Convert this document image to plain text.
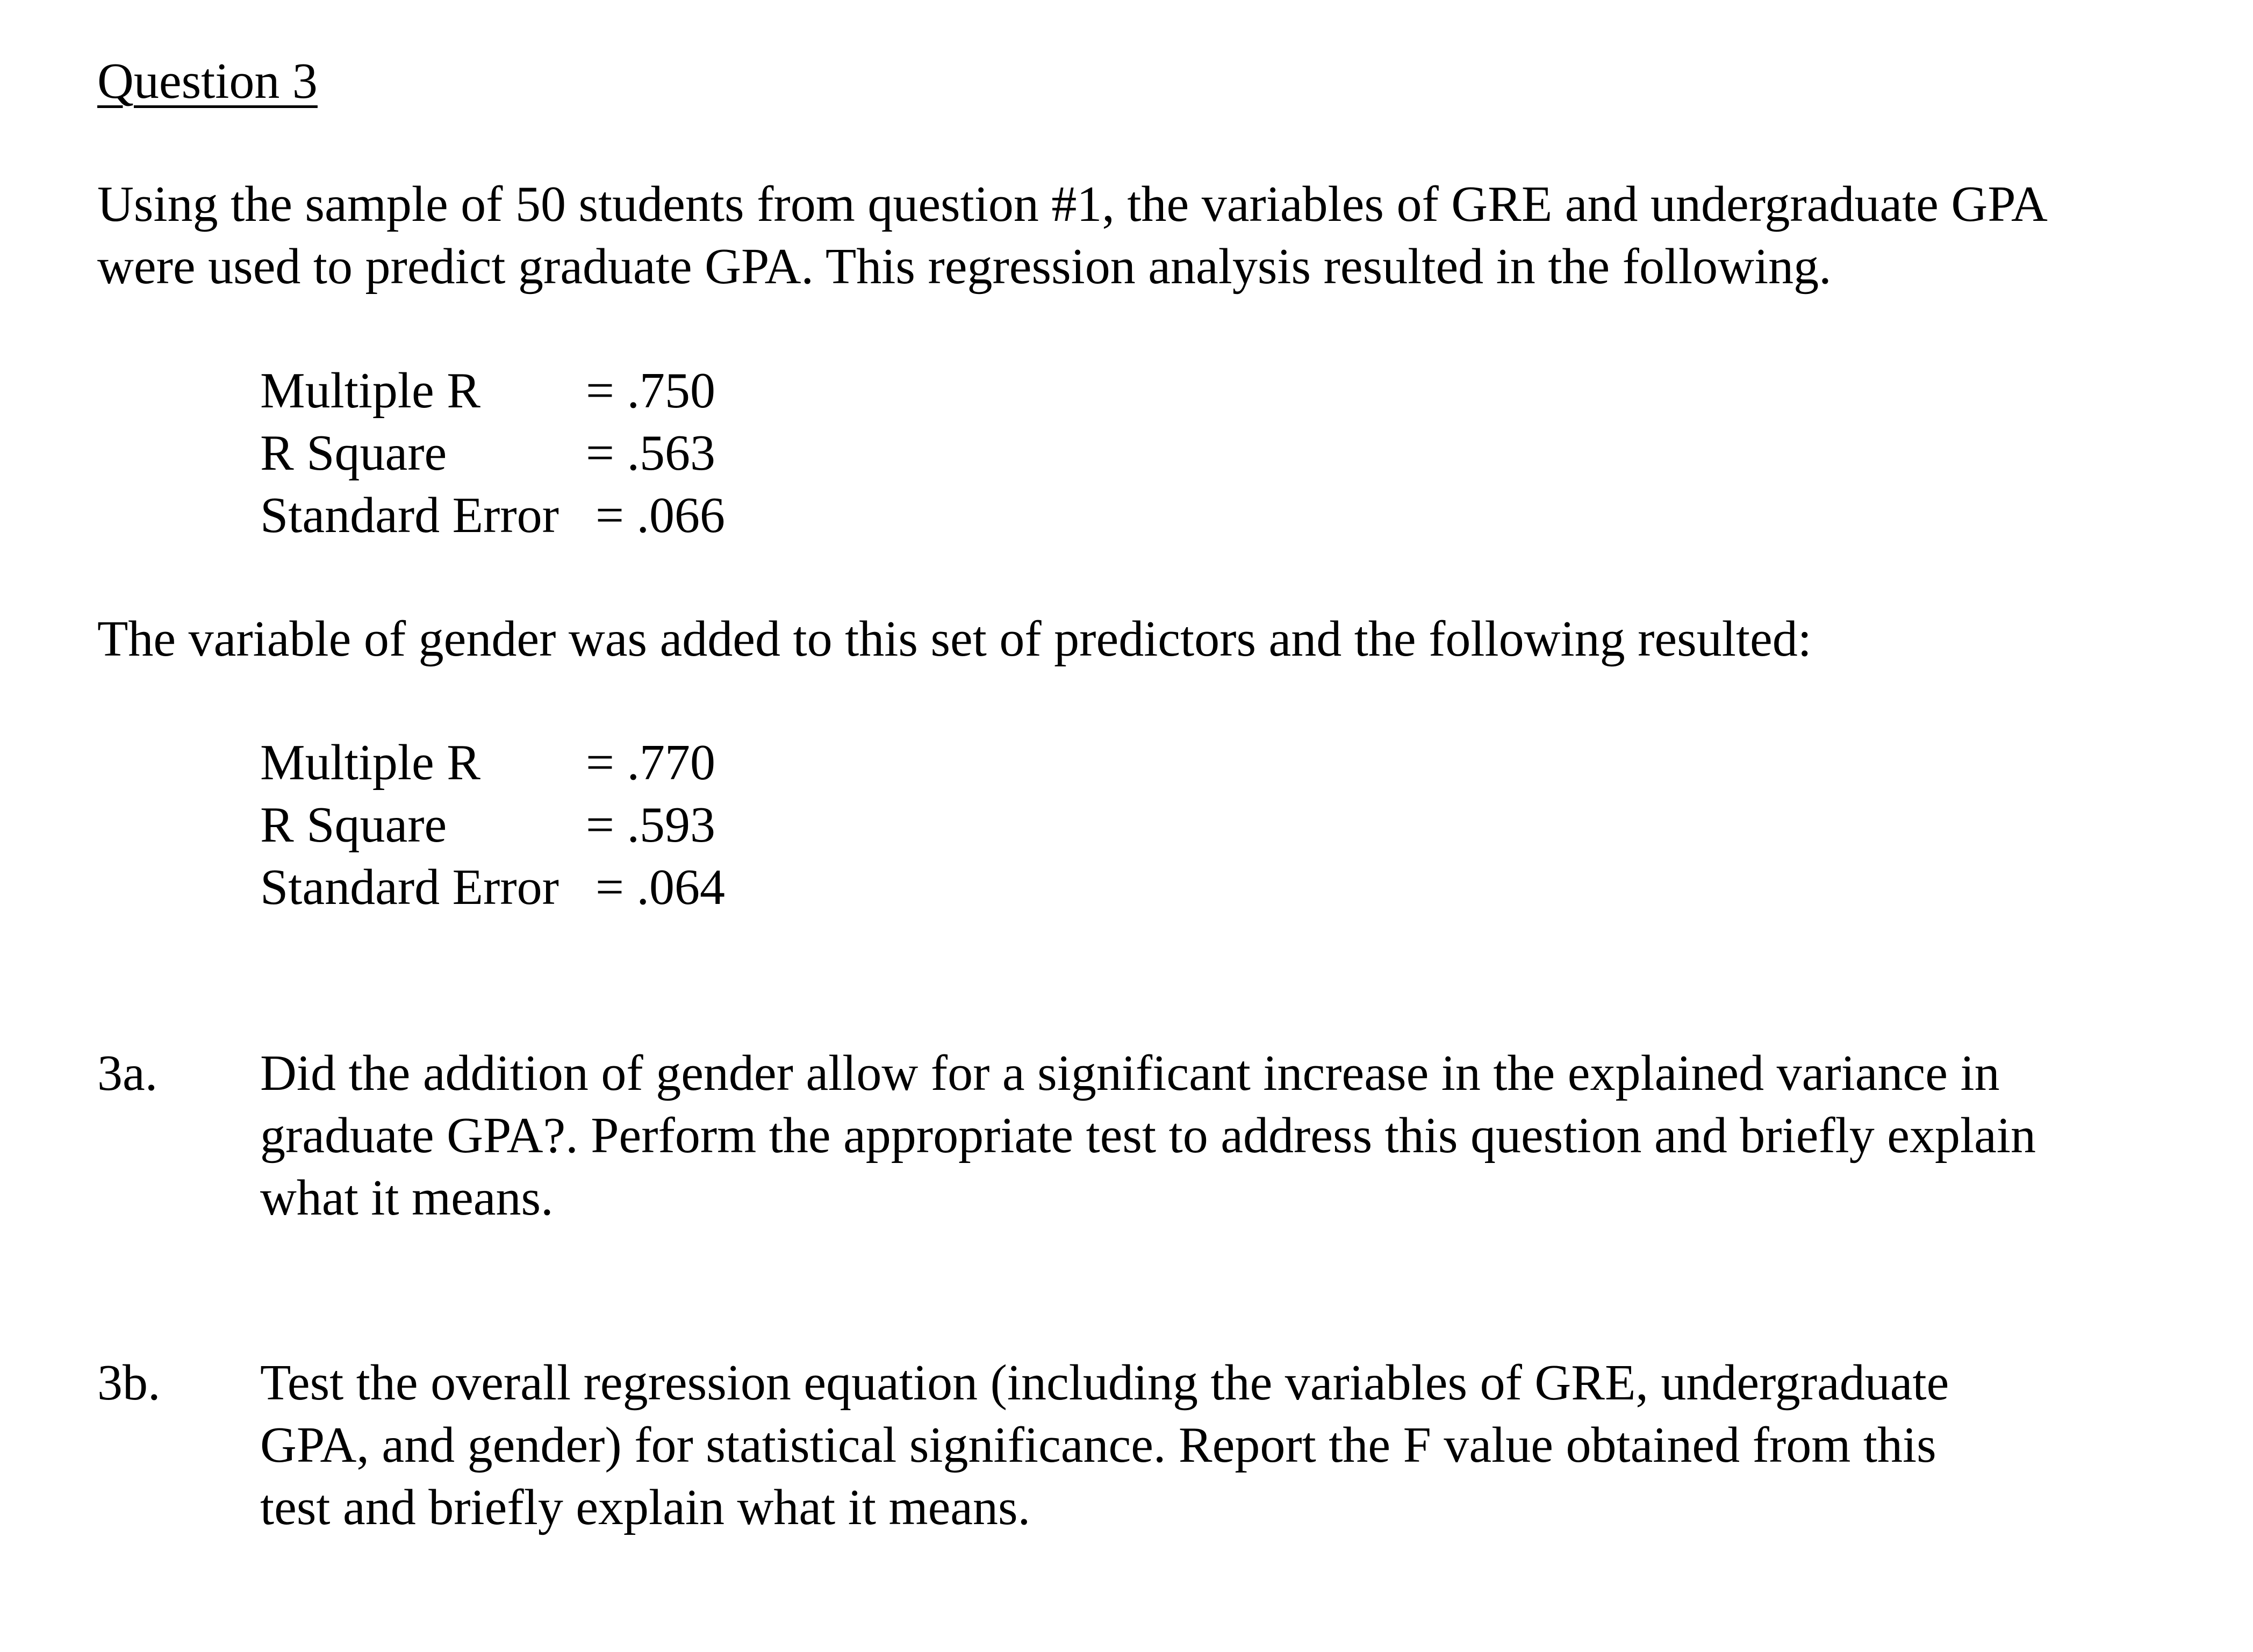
Question 3
Using the sample of 50 students from question #1, the variables of GRE and undergraduate GPA
were used to predict graduate GPA. This regression analysis resulted in the following.
Multiple R = .750
R Square	= .563
Standard Error = .066
The variable of gender was added to this set of predictors and the following resulted:
Multiple R = .770
R Square	= .593
Standard Error = .064
3a. Did the addition of gender allow for a significant increase in the explained variance in
graduate GPA?. Perform the appropriate test to address this question and briefly explain
what it means.
3b. Test the overall regression equation (including the variables of GRE, undergraduate
GPA, and gender) for statistical significance. Report the F value obtained from this
test and briefly explain what it means.
